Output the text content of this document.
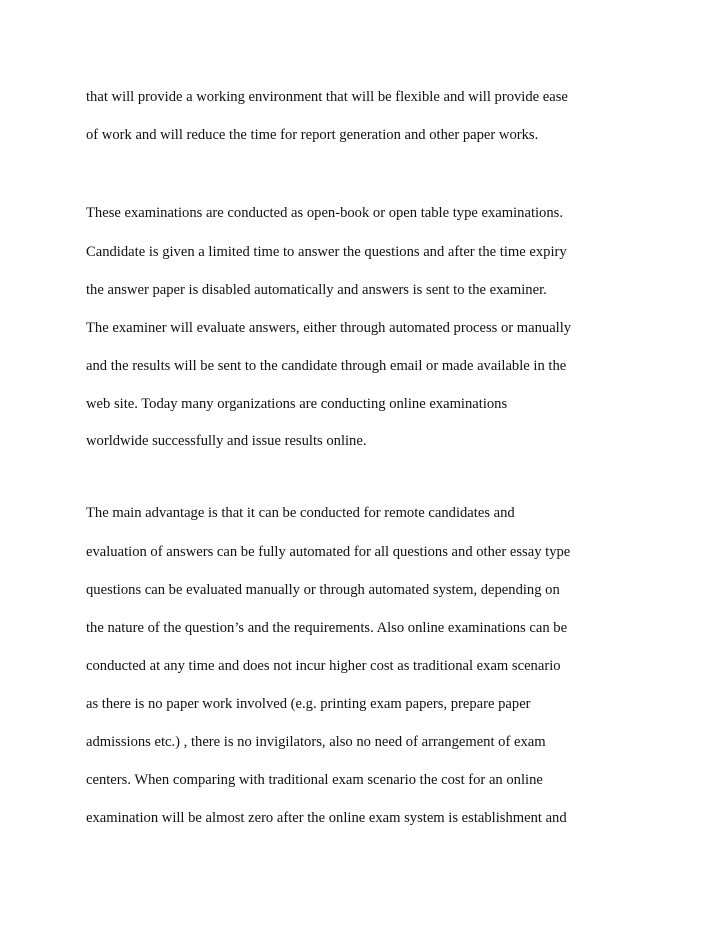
that will provide a working environment that will be flexible and will provide ease
of work and will reduce the time for report generation and other paper works.
These examinations are conducted as open-book or open table type examinations.
Candidate is given a limited time to answer the questions and after the time expiry
the answer paper is disabled automatically and answers is sent to the examiner.
The examiner will evaluate answers, either through automated process or manually
and the results will be sent to the candidate through email or made available in the
web site. Today many organizations are conducting online examinations
worldwide successfully and issue results online.
The main advantage is that it can be conducted for remote candidates and
evaluation of answers can be fully automated for all questions and other essay type
questions can be evaluated manually or through automated system, depending on
the nature of the question’s and the requirements. Also online examinations can be
conducted at any time and does not incur higher cost as traditional exam scenario
as there is no paper work involved (e.g. printing exam papers, prepare paper
admissions etc.) , there is no invigilators, also no need of arrangement of exam
centers. When comparing with traditional exam scenario the cost for an online
examination will be almost zero after the online exam system is establishment and
